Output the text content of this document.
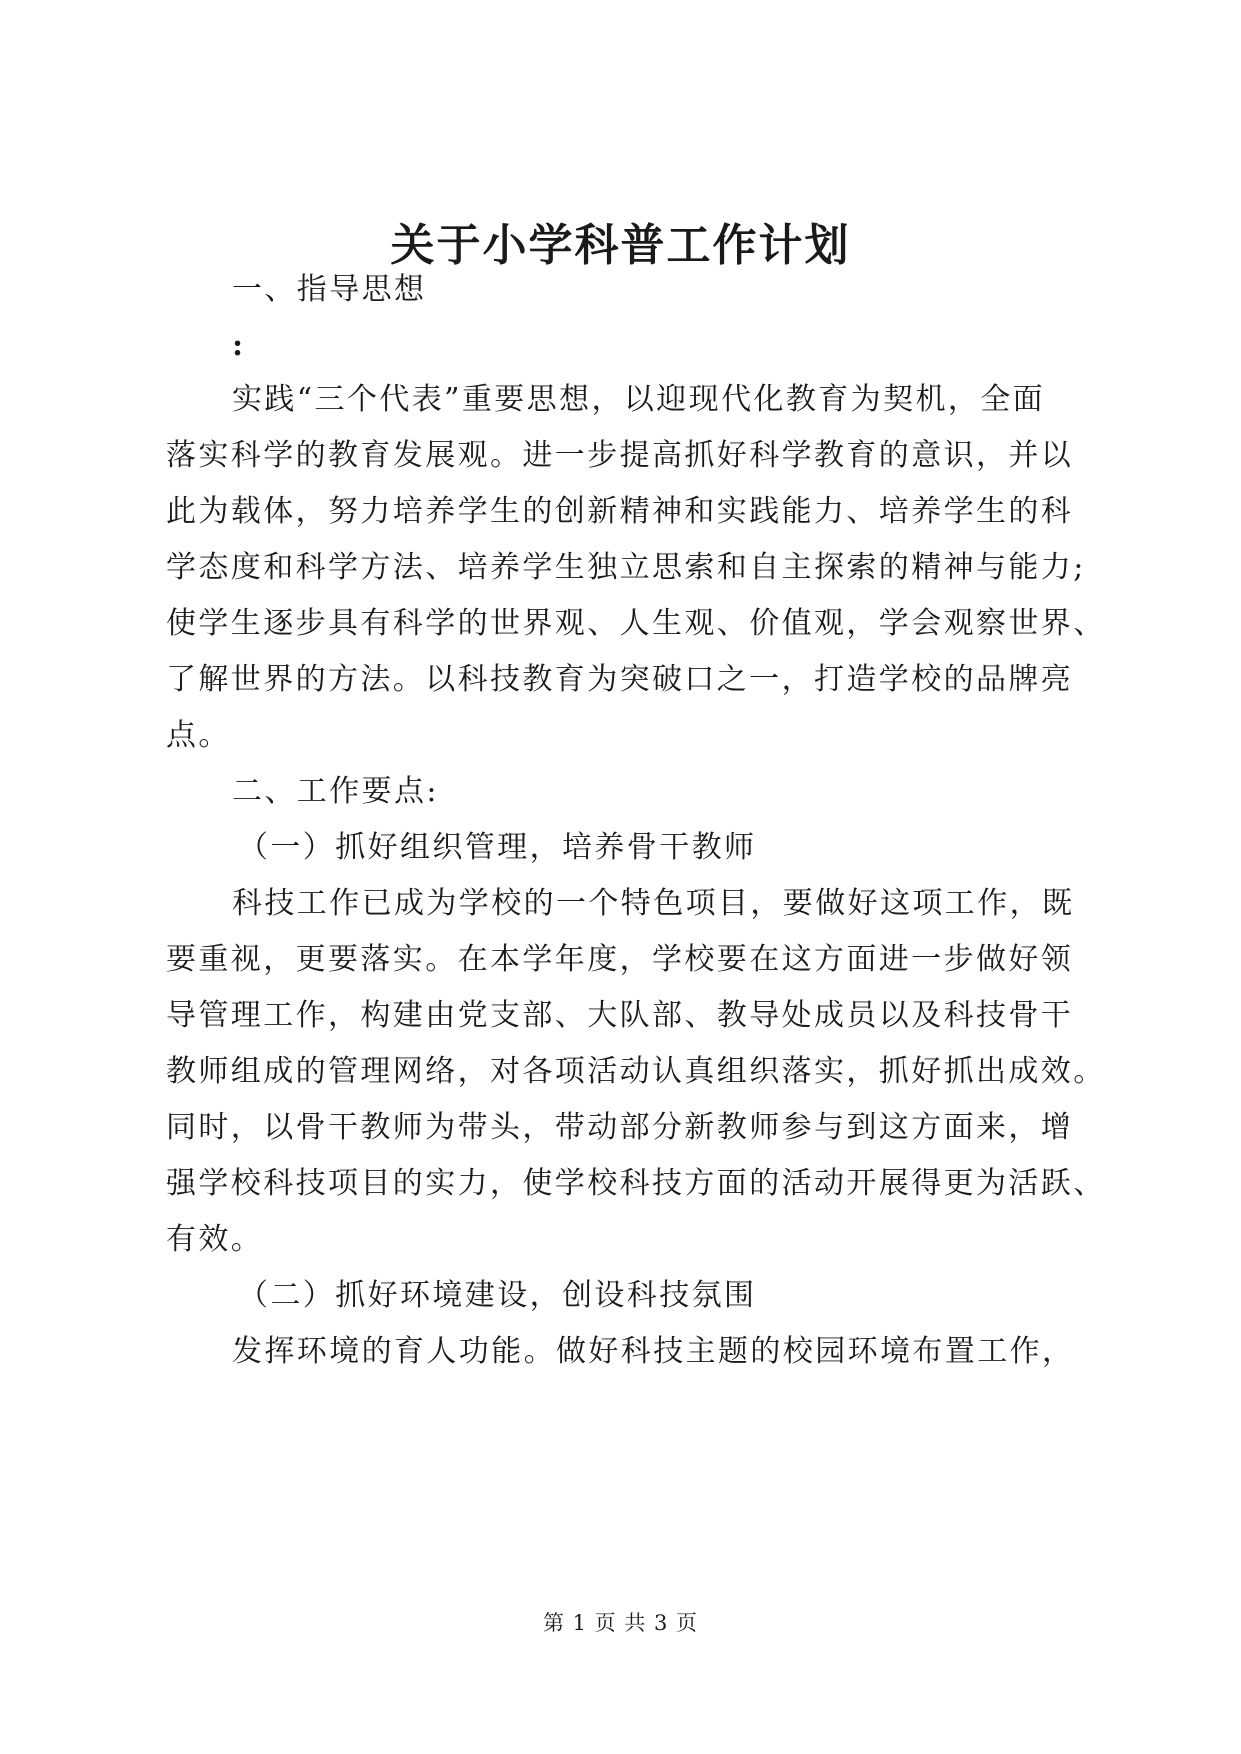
关于小学科普工作计划
一、指导思想
:
实践“三个代表”重要思想，以迎现代化教育为契机，全面
落实科学的教育发展观。进一步提高抓好科学教育的意识，并以
此为载体，努力培养学生的创新精神和实践能力、培养学生的科
学态度和科学方法、培养学生独立思索和自主探索的精神与能力;
使学生逐步具有科学的世界观、人生观、价值观，学会观察世界、
了解世界的方法。以科技教育为突破口之一，打造学校的品牌亮
点。
二、工作要点:
（一）抓好组织管理，培养骨干教师
科技工作已成为学校的一个特色项目，要做好这项工作，既
要重视，更要落实。在本学年度，学校要在这方面进一步做好领
导管理工作，构建由党支部、大队部、教导处成员以及科技骨干
教师组成的管理网络，对各项活动认真组织落实，抓好抓出成效。
同时，以骨干教师为带头，带动部分新教师参与到这方面来，增
强学校科技项目的实力，使学校科技方面的活动开展得更为活跃、
有效。
（二）抓好环境建设，创设科技氛围
发挥环境的育人功能。做好科技主题的校园环境布置工作，
第 1 页 共 3 页
